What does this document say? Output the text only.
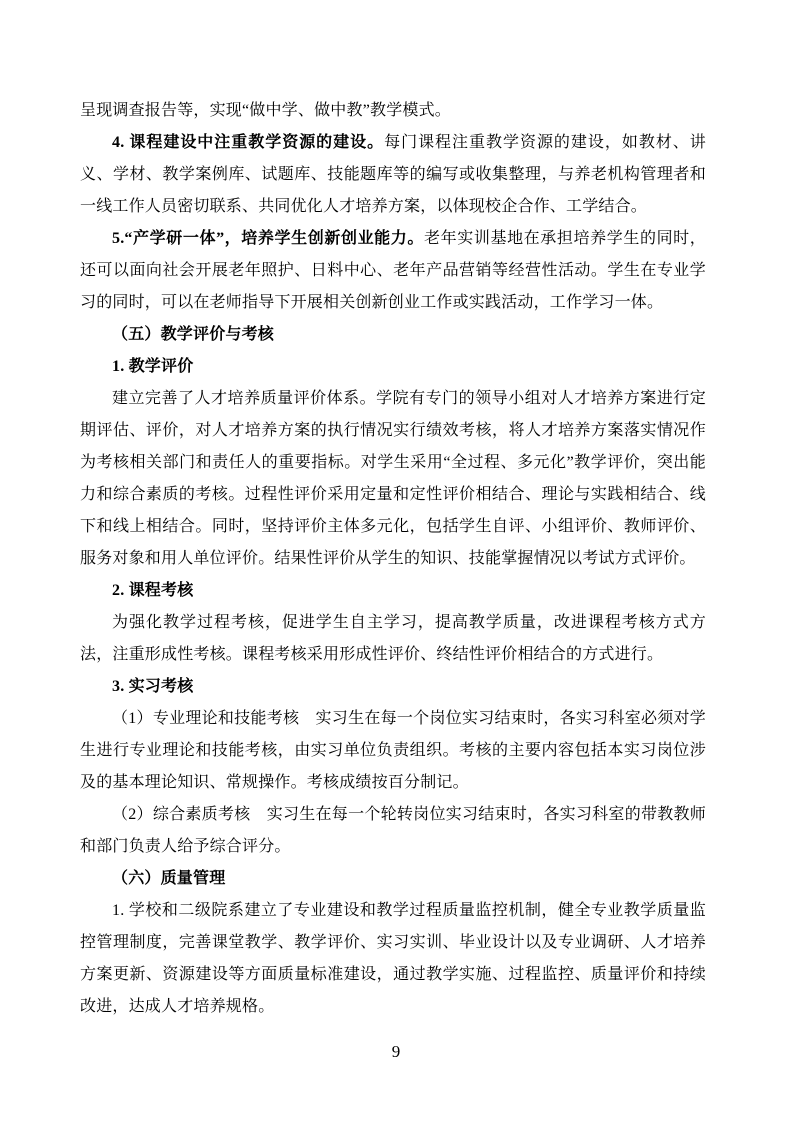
呈现调查报告等，实现“做中学、做中教”教学模式。

4. 课程建设中注重教学资源的建设。每门课程注重教学资源的建设，如教材、讲义、学材、教学案例库、试题库、技能题库等的编写或收集整理，与养老机构管理者和一线工作人员密切联系、共同优化人才培养方案，以体现校企合作、工学结合。

5.“产学研一体”，培养学生创新创业能力。老年实训基地在承担培养学生的同时，还可以面向社会开展老年照护、日料中心、老年产品营销等经营性活动。学生在专业学习的同时，可以在老师指导下开展相关创新创业工作或实践活动，工作学习一体。

（五）教学评价与考核

1. 教学评价

建立完善了人才培养质量评价体系。学院有专门的领导小组对人才培养方案进行定期评估、评价，对人才培养方案的执行情况实行绩效考核，将人才培养方案落实情况作为考核相关部门和责任人的重要指标。对学生采用“全过程、多元化”教学评价，突出能力和综合素质的考核。过程性评价采用定量和定性评价相结合、理论与实践相结合、线下和线上相结合。同时，坚持评价主体多元化，包括学生自评、小组评价、教师评价、服务对象和用人单位评价。结果性评价从学生的知识、技能掌握情况以考试方式评价。

2. 课程考核

为强化教学过程考核，促进学生自主学习，提高教学质量，改进课程考核方式方法，注重形成性考核。课程考核采用形成性评价、终结性评价相结合的方式进行。

3. 实习考核

（1）专业理论和技能考核　实习生在每一个岗位实习结束时，各实习科室必须对学生进行专业理论和技能考核，由实习单位负责组织。考核的主要内容包括本实习岗位涉及的基本理论知识、常规操作。考核成绩按百分制记。

（2）综合素质考核　实习生在每一个轮转岗位实习结束时，各实习科室的带教教师和部门负责人给予综合评分。

（六）质量管理

1. 学校和二级院系建立了专业建设和教学过程质量监控机制，健全专业教学质量监控管理制度，完善课堂教学、教学评价、实习实训、毕业设计以及专业调研、人才培养方案更新、资源建设等方面质量标准建设，通过教学实施、过程监控、质量评价和持续改进，达成人才培养规格。

9
